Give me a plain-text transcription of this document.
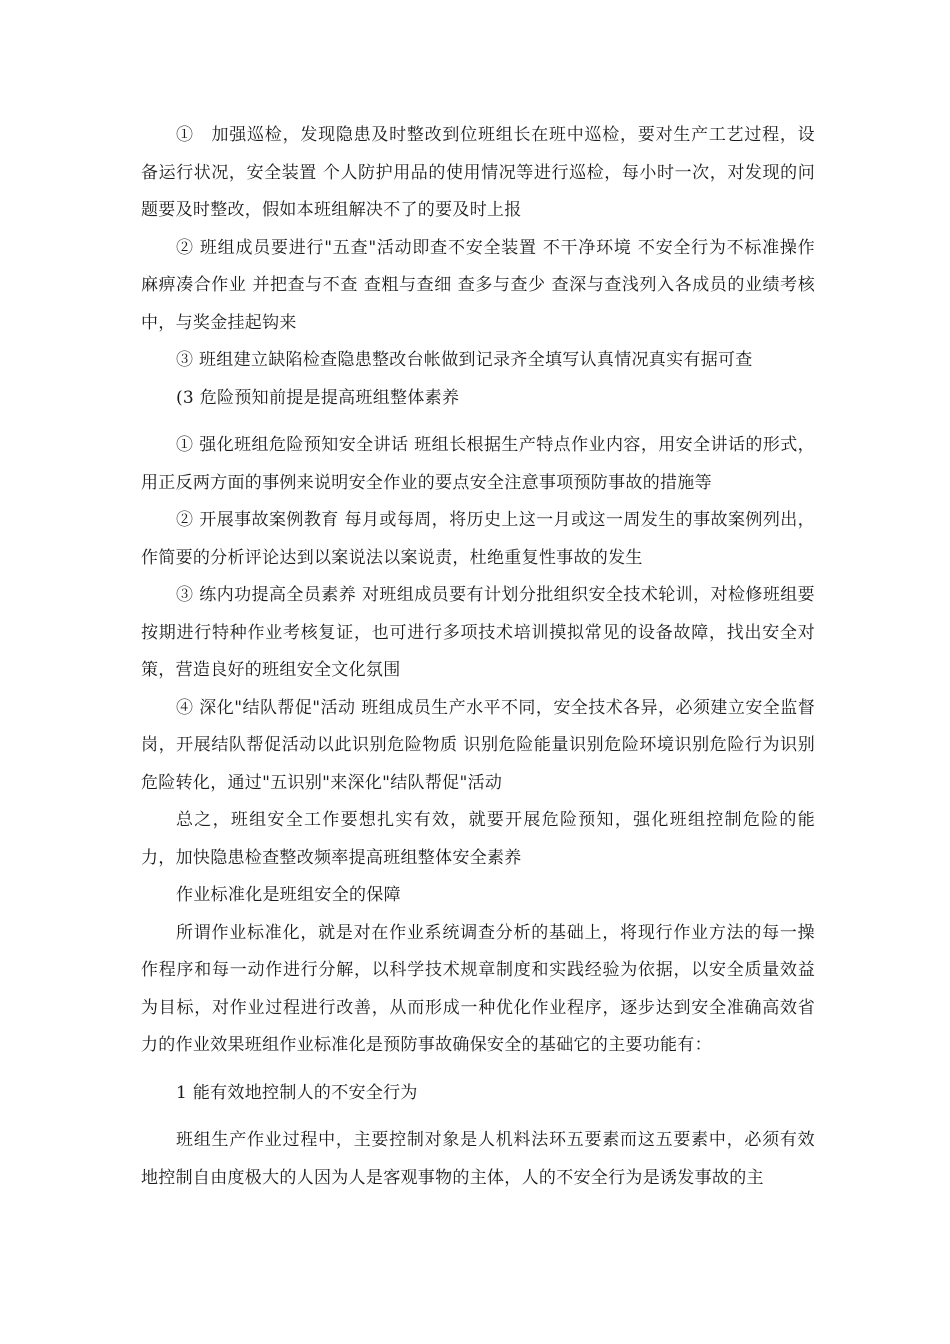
①　加强巡检，发现隐患及时整改到位班组长在班中巡检，要对生产工艺过程，设备运行状况，安全装置 个人防护用品的使用情况等进行巡检，每小时一次，对发现的问题要及时整改，假如本班组解决不了的要及时上报

② 班组成员要进行"五查"活动即查不安全装置 不干净环境 不安全行为不标准操作 麻痹凑合作业 并把查与不查 查粗与查细 查多与查少 查深与查浅列入各成员的业绩考核中，与奖金挂起钩来

③ 班组建立缺陷检查隐患整改台帐做到记录齐全填写认真情况真实有据可查

(3 危险预知前提是提高班组整体素养

① 强化班组危险预知安全讲话 班组长根据生产特点作业内容，用安全讲话的形式，用正反两方面的事例来说明安全作业的要点安全注意事项预防事故的措施等

② 开展事故案例教育 每月或每周，将历史上这一月或这一周发生的事故案例列出，作简要的分析评论达到以案说法以案说责，杜绝重复性事故的发生

③ 练内功提高全员素养 对班组成员要有计划分批组织安全技术轮训，对检修班组要按期进行特种作业考核复证，也可进行多项技术培训摸拟常见的设备故障，找出安全对策，营造良好的班组安全文化氛围

④ 深化"结队帮促"活动 班组成员生产水平不同，安全技术各异，必须建立安全监督岗，开展结队帮促活动以此识别危险物质 识别危险能量识别危险环境识别危险行为识别危险转化，通过"五识别"来深化"结队帮促"活动

总之，班组安全工作要想扎实有效，就要开展危险预知，强化班组控制危险的能力，加快隐患检查整改频率提高班组整体安全素养

作业标准化是班组安全的保障

所谓作业标准化，就是对在作业系统调查分析的基础上，将现行作业方法的每一操作程序和每一动作进行分解，以科学技术规章制度和实践经验为依据，以安全质量效益为目标，对作业过程进行改善，从而形成一种优化作业程序，逐步达到安全准确高效省力的作业效果班组作业标准化是预防事故确保安全的基础它的主要功能有：

1 能有效地控制人的不安全行为

班组生产作业过程中，主要控制对象是人机料法环五要素而这五要素中，必须有效地控制自由度极大的人因为人是客观事物的主体，人的不安全行为是诱发事故的主
